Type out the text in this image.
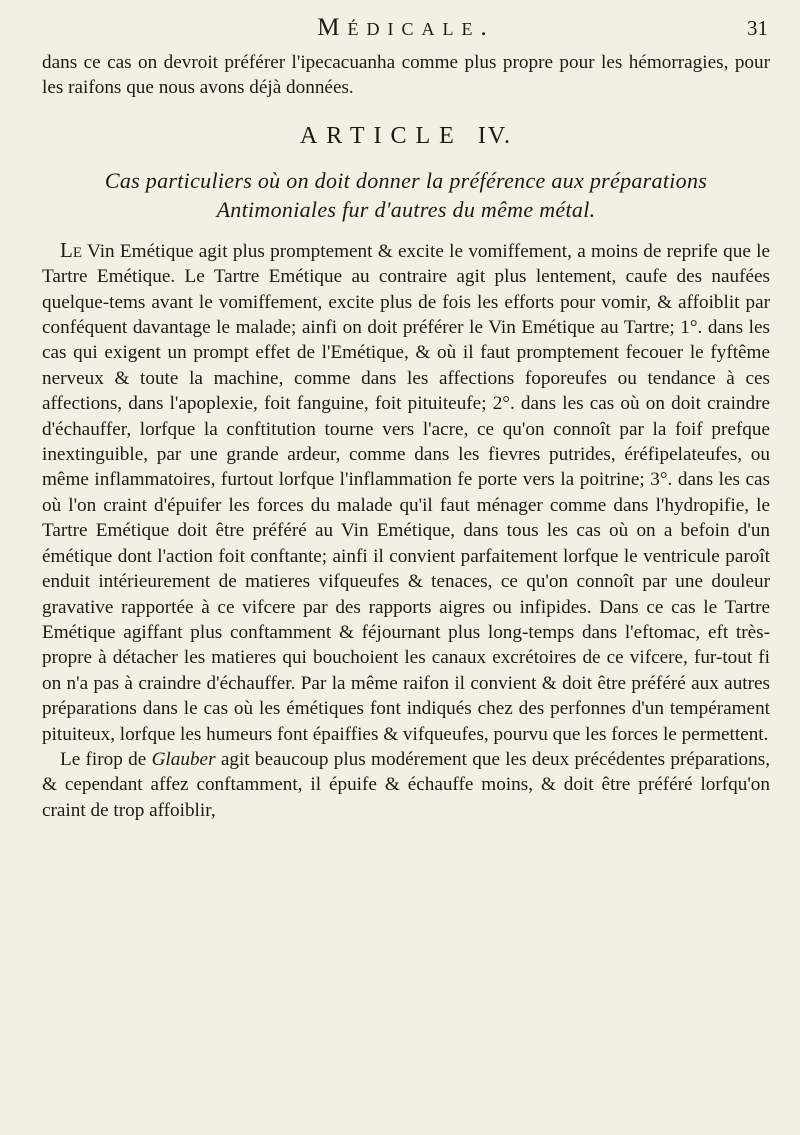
Médicale.	31

dans ce cas on devroit préférer l'ipecacuanha comme plus propre pour les hémorragies, pour les raifons que nous avons déjà données.

ARTICLE IV.
Cas particuliers où on doit donner la préférence aux préparations
Antimoniales fur d'autres du même métal.

Le Vin Emétique agit plus promptement & excite le vomiffement, a moins de reprife que le Tartre Emétique. Le Tartre Emétique au contraire agit plus lentement, caufe des naufées quelque-tems avant le vomiffement, excite plus de fois les efforts pour vomir, & affoiblit par conféquent davantage le malade; ainfi on doit préférer le Vin Emétique au Tartre; 1°. dans les cas qui exigent un prompt effet de l'Emétique, & où il faut promptement fecouer le fyftême nerveux & toute la machine, comme dans les affections foporeufes ou tendance à ces affections, dans l'apoplexie, foit fanguine, foit pituiteufe; 2°. dans les cas où on doit craindre d'échauffer, lorfque la conftitution tourne vers l'acre, ce qu'on connoît par la foif prefque inextinguible, par une grande ardeur, comme dans les fievres putrides, éréfipelateufes, ou même inflammatoires, furtout lorfque l'inflammation fe porte vers la poitrine; 3°. dans les cas où l'on craint d'épuifer les forces du malade qu'il faut ménager comme dans l'hydropifie, le Tartre Emétique doit être préféré au Vin Emétique, dans tous les cas où on a befoin d'un émétique dont l'action foit conftante; ainfi il convient parfaitement lorfque le ventricule paroît enduit intérieurement de matieres vifqueufes & tenaces, ce qu'on connoît par une douleur gravative rapportée à ce vifcere par des rapports aigres ou infipides. Dans ce cas le Tartre Emétique agiffant plus conftamment & féjournant plus long-temps dans l'eftomac, eft très-propre à détacher les matieres qui bouchoient les canaux excrétoires de ce vifcere, fur-tout fi on n'a pas à craindre d'échauffer. Par la même raifon il convient & doit être préféré aux autres préparations dans le cas où les émétiques font indiqués chez des perfonnes d'un tempérament pituiteux, lorfque les humeurs font épaiffies & vifqueufes, pourvu que les forces le permettent.

Le firop de Glauber agit beaucoup plus modérement que les deux précédentes préparations, & cependant affez conftamment, il épuife & échauffe moins, & doit être préféré lorfqu'on craint de trop affoiblir,
